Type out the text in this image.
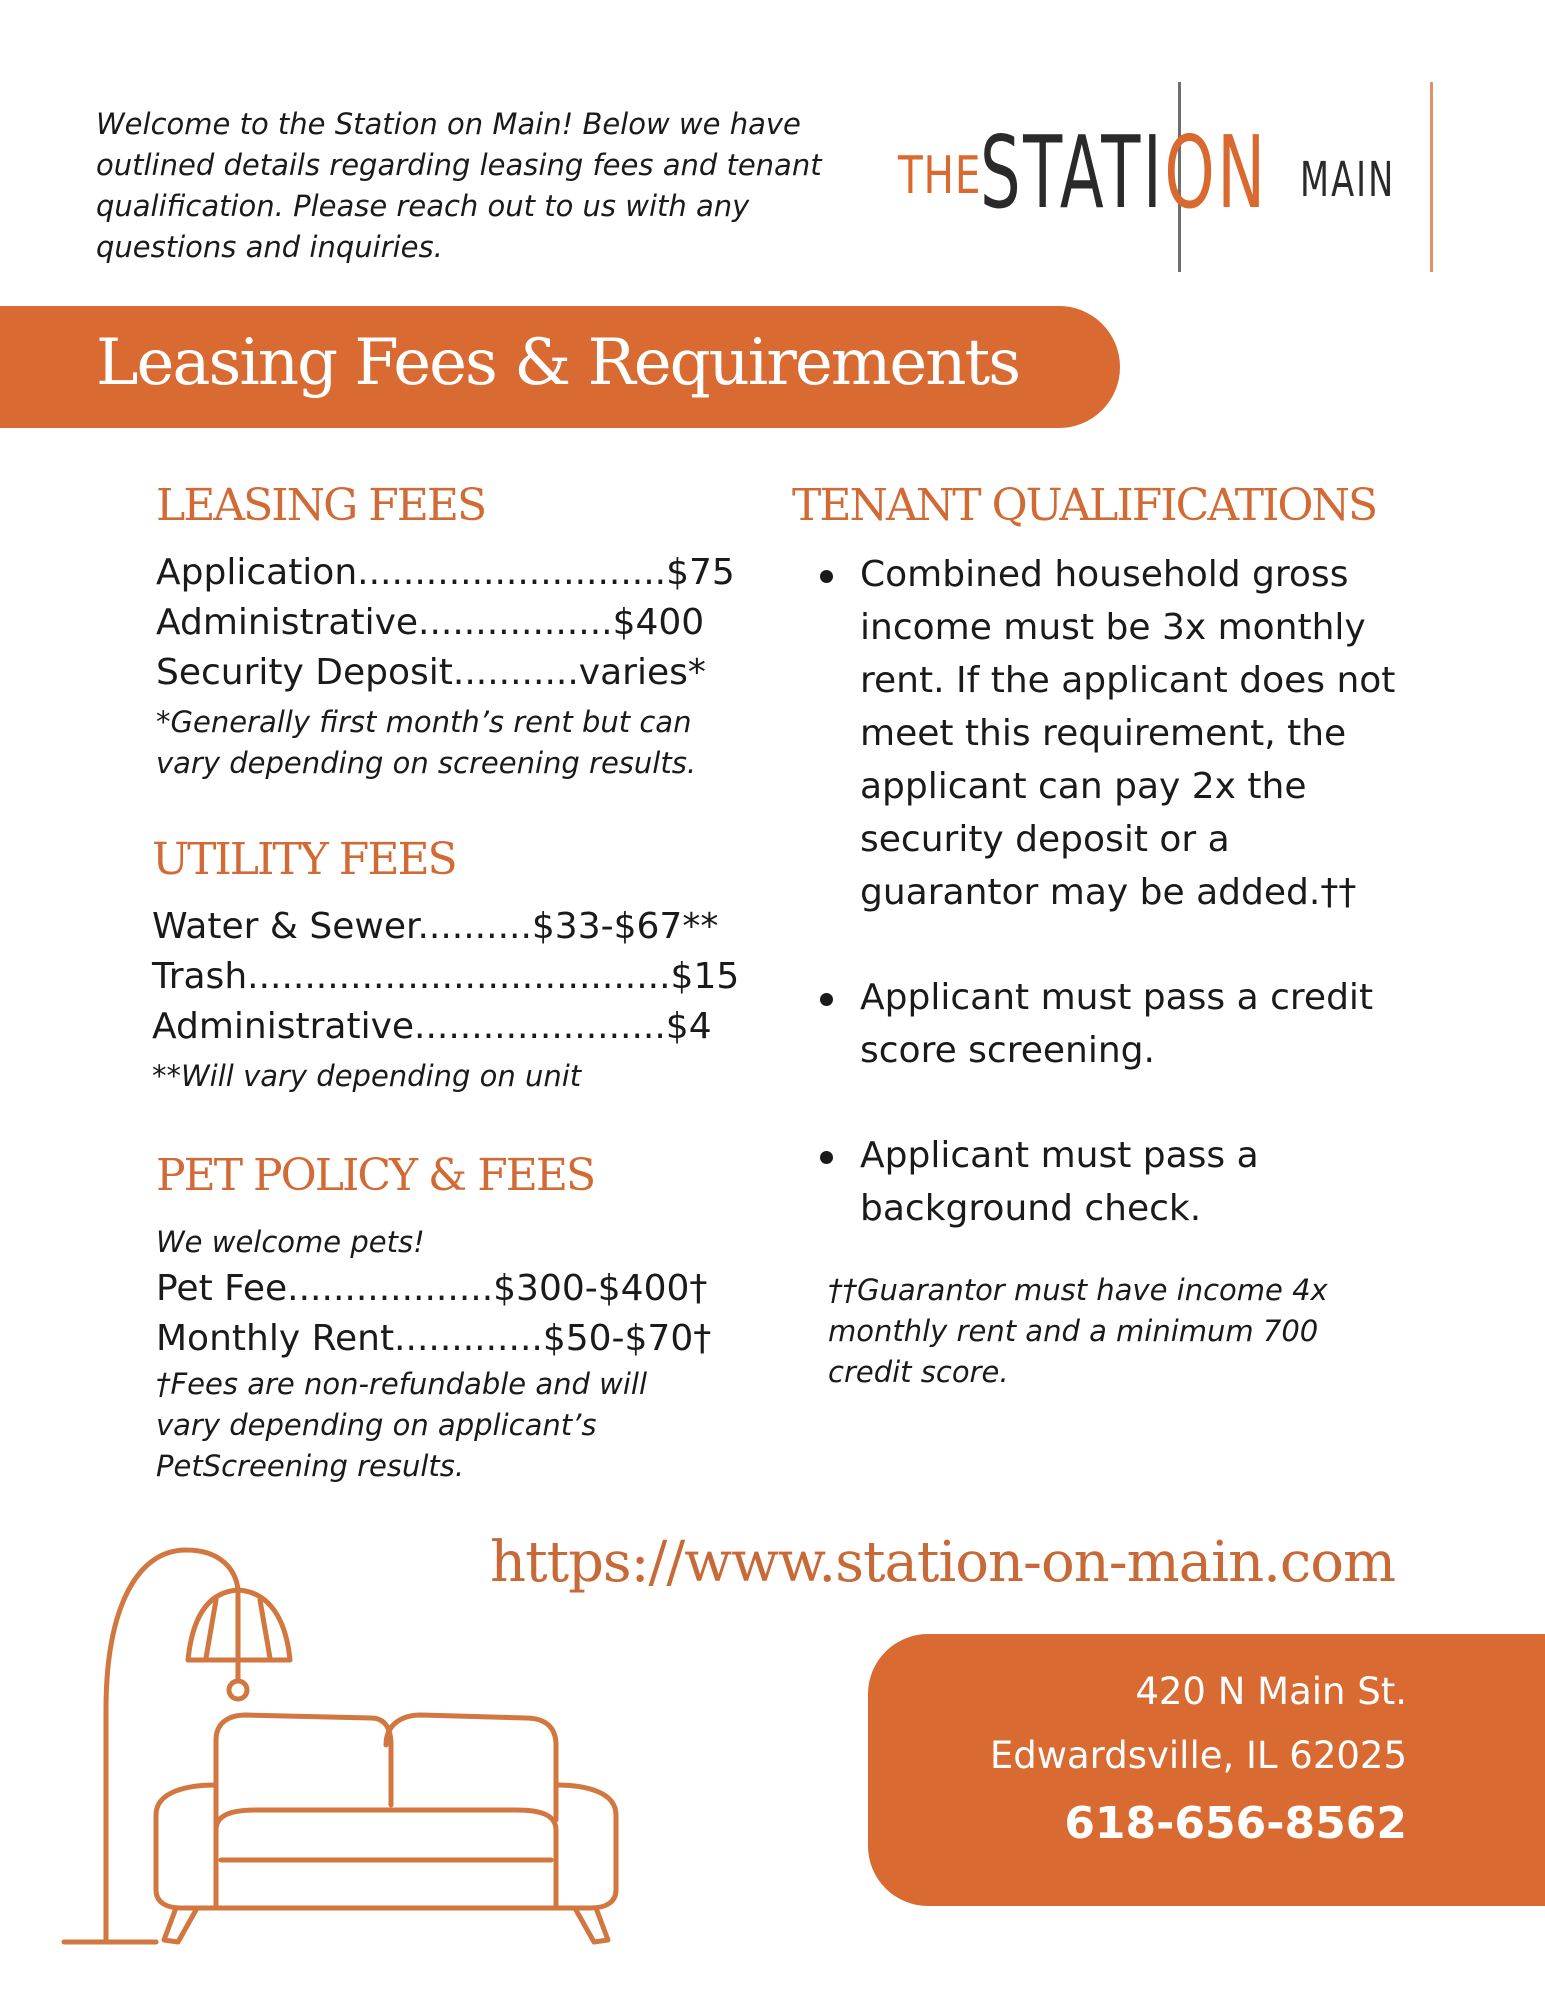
Welcome to the Station on Main! Below we have
outlined details regarding leasing fees and tenant
qualification. Please reach out to us with any
questions and inquiries.
THE
STATION MAIN
Leasing Fees & Requirements
LEASING FEES
Application...........................$75
Administrative.................$400
Security Deposit...........varies*
*Generally first month’s rent but can
vary depending on screening results.
UTILITY FEES
Water & Sewer..........$33-$67**
Trash.....................................$15
Administrative......................$4
**Will vary depending on unit
PET POLICY & FEES
We welcome pets!
Pet Fee..................$300-$400†
Monthly Rent.............$50-$70†
†Fees are non-refundable and will
vary depending on applicant’s
PetScreening results.
TENANT QUALIFICATIONS
Combined household gross
income must be 3x monthly
rent. If the applicant does not
meet this requirement, the
applicant can pay 2x the
security deposit or a
guarantor may be added.††
Applicant must pass a credit
score screening.
Applicant must pass a
background check.
††Guarantor must have income 4x
monthly rent and a minimum 700
credit score.
https://www.station-on-main.com
420 N Main St.
Edwardsville, IL 62025
618-656-8562
